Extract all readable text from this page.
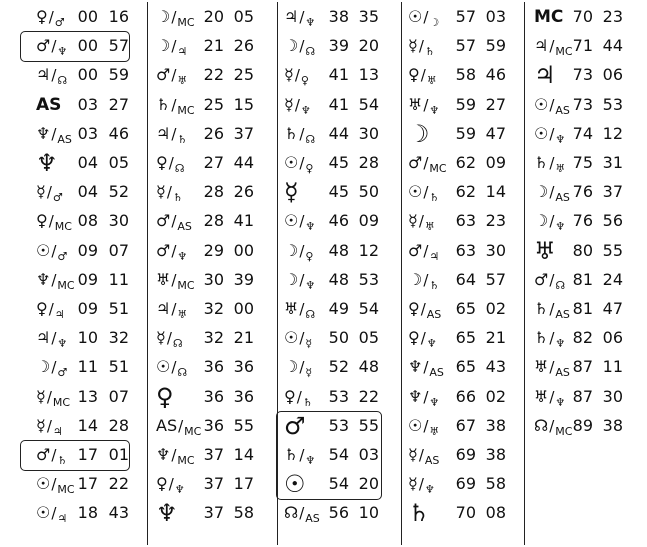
$♀/_♂$ 00 16
$♂/_♆$ 00 57
$♃/_☊$ 00 59
AS	03 27
$♆/_{AS}$ 03 46
♆	04 05
$☿/_♂$ 04 52
$♀/_{MC}$ 08 30
$☉/_♂$ 09 07
$♆/_{MC}$ 09 11
$♀/_♃$ 09 51
$♃/_♆$ 10 32
$☽/_♂$ 11 51
$☿/_{MC}$ 13 07
$☿/_♃$ 14 28
$♂/_♄$ 17 01
$☉/_{MC}$ 17 22
$☉/_♃$ 18 43
$☽/_{MC}$ 20 05
$☽/_♃$	21 26
$♂/_♅$	22 25
$♄/_{MC}$ 25 15
$♃/_♄$	26 37
$♀/_☊$	27 44
$☿/_♄$	28 26
$♂/_{AS}$ 28 41
$♂/_♆$	29 00
$♅/_{MC}$ 30 39
$♃/_♅$	32 00
$☿/_☊$	32 21
$☉/_☊$	36 36
♀	36 36
$AS/_{MC}$ 36 55
$♆/_{MC}$ 37 14
$♀/_♆$	37 17
♆	37 58
$♃/_♆$ 38 35
$☽/_☊$ 39 20
$☿/_♀$	41 13
$☿/_♆$	41 54
$♄/_☊$ 44 30
$☉/_♀$ 45 28
☿	45 50
$☉/_♆$ 46 09
$☽/_♀$ 48 12
$☽/_♆$ 48 53
$♅/_☊$ 49 54
$☉/_☿$	50 05
$☽/_☿$	52 48
$♀/_♄$ 53 22
♂	53 55
$♄/_♆$ 54 03
☉	54 20
$☊/_{AS}$ 56 10
$☉/_☽$	57 03
$☿/_♄$	57 59
$♀/_♅$	58 46
$♅/_♆$	59 27
☽	59 47
$♂/_{MC}$ 62 09
$☉/_♄$	62 14
$☿/_♅$	63 23
$♂/_♃$	63 30
$☽/_♄$	64 57
$♀/_{AS}$ 65 02
$♀/_♆$	65 21
$♆/_{AS}$ 65 43
$♆/_♆$	66 02
$☉/_♅$	67 38
$☿/_{AS}$	69 38
$☿/_♆$	69 58
♄	70 08
MC 70 23
$♃/_{MC}$ 71 44
♃	73 06
$☉/_{AS}$ 73 53
$☉/_♆$ 74 12
$♄/_♅$ 75 31
$☽/_{AS}$ 76 37
$☽/_♆$ 76 56
♅	80 55
$♂/_☊$ 81 24
$♄/_{AS}$ 81 47
$♄/_♆$ 82 06
$♅/_{AS}$ 87 11
$♅/_♆$ 87 30
$☊/_{MC}$ 89 38
